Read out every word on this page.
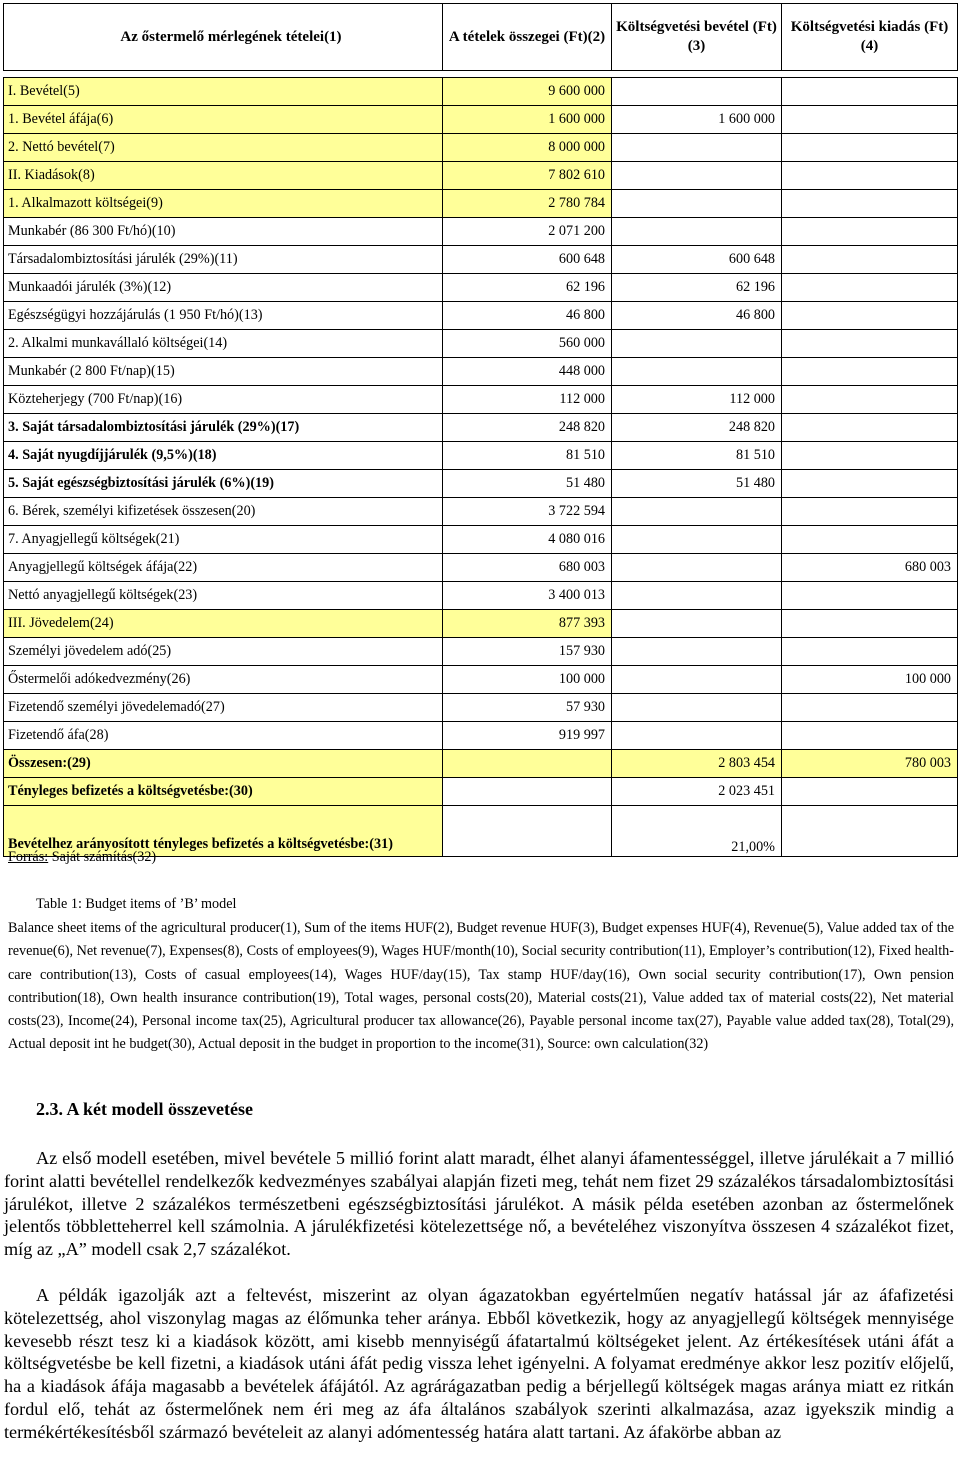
Az őstermelő mérlegének tételei(1)	A tételek összegei (Ft)(2)	Költségvetési bevétel (Ft)(3)	Költségvetési kiadás (Ft)(4)

I. Bevétel(5)	9 600 000		
1. Bevétel áfája(6)	1 600 000	1 600 000	
2. Nettó bevétel(7)	8 000 000		
II. Kiadások(8)	7 802 610		
1. Alkalmazott költségei(9)	2 780 784		
Munkabér (86 300 Ft/hó)(10)	2 071 200		
Társadalombiztosítási járulék (29%)(11)	600 648	600 648	
Munkaadói járulék (3%)(12)	62 196	62 196	
Egészségügyi hozzájárulás (1 950 Ft/hó)(13)	46 800	46 800	
2. Alkalmi munkavállaló költségei(14)	560 000		
Munkabér (2 800 Ft/nap)(15)	448 000		
Közteherjegy (700 Ft/nap)(16)	112 000	112 000	
3. Saját társadalombiztosítási járulék (29%)(17)	248 820	248 820	
4. Saját nyugdíjjárulék (9,5%)(18)	81 510	81 510	
5. Saját egészségbiztosítási járulék (6%)(19)	51 480	51 480	
6. Bérek, személyi kifizetések összesen(20)	3 722 594		
7. Anyagjellegű költségek(21)	4 080 016		
Anyagjellegű költségek áfája(22)	680 003		680 003
Nettó anyagjellegű költségek(23)	3 400 013		
III. Jövedelem(24)	877 393		
Személyi jövedelem adó(25)	157 930		
Őstermelői adókedvezmény(26)	100 000		100 000
Fizetendő személyi jövedelemadó(27)	57 930		
Fizetendő áfa(28)	919 997		
Összesen:(29)		2 803 454	780 003
Tényleges befizetés a költségvetésbe:(30)		2 023 451	
Bevételhez arányosított tényleges befizetés a költségvetésbe:(31)		21,00%	
Forrás: Saját számítás(32)
Table 1: Budget items of ’B’ model
Balance sheet items of the agricultural producer(1), Sum of the items HUF(2), Budget revenue HUF(3), Budget expenses HUF(4), Revenue(5), Value added tax of the revenue(6), Net revenue(7), Expenses(8), Costs of employees(9), Wages HUF/month(10), Social security contribution(11), Employer’s contribution(12), Fixed health-care contribution(13), Costs of casual employees(14), Wages HUF/day(15), Tax stamp HUF/day(16), Own social security contribution(17), Own pension contribution(18), Own health insurance contribution(19), Total wages, personal costs(20), Material costs(21), Value added tax of material costs(22), Net material costs(23), Income(24), Personal income tax(25), Agricultural producer tax allowance(26), Payable personal income tax(27), Payable value added tax(28), Total(29), Actual deposit int he budget(30), Actual deposit in the budget in proportion to the income(31), Source: own calculation(32)
2.3. A két modell összevetése
Az első modell esetében, mivel bevétele 5 millió forint alatt maradt, élhet alanyi áfamentességgel, illetve járulékait a 7 millió forint alatti bevétellel rendelkezők kedvezményes szabályai alapján fizeti meg, tehát nem fizet 29 százalékos társadalombiztosítási járulékot, illetve 2 százalékos természetbeni egészségbiztosítási járulékot. A másik példa esetében azonban az őstermelőnek jelentős többletteherrel kell számolnia. A járulékfizetési kötelezettsége nő, a bevételéhez viszonyítva összesen 4 százalékot fizet, míg az „A” modell csak 2,7 százalékot.
A példák igazolják azt a feltevést, miszerint az olyan ágazatokban egyértelműen negatív hatással jár az áfafizetési kötelezettség, ahol viszonylag magas az élőmunka teher aránya. Ebből következik, hogy az anyagjellegű költségek mennyisége kevesebb részt tesz ki a kiadások között, ami kisebb mennyiségű áfatartalmú költségeket jelent. Az értékesítések utáni áfát a költségvetésbe be kell fizetni, a kiadások utáni áfát pedig vissza lehet igényelni. A folyamat eredménye akkor lesz pozitív előjelű, ha a kiadások áfája magasabb a bevételek áfájától. Az agrárágazatban pedig a bérjellegű költségek magas aránya miatt ez ritkán fordul elő, tehát az őstermelőnek nem éri meg az áfa általános szabályok szerinti alkalmazása, azaz igyekszik mindig a termékértékesítésből származó bevételeit az alanyi adómentesség határa alatt tartani. Az áfakörbe abban az
